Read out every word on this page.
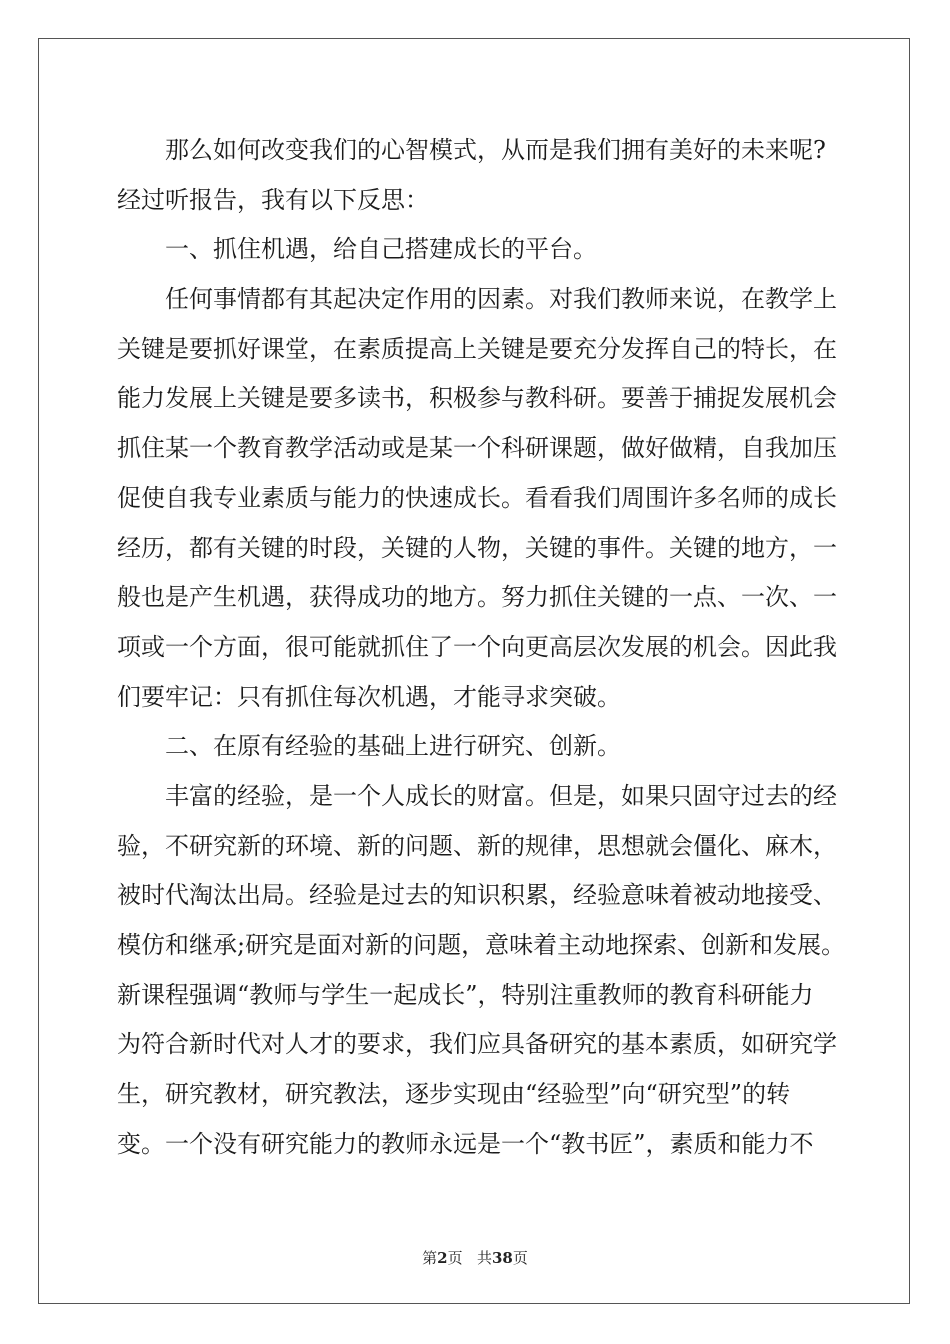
那么如何改变我们的心智模式，从而是我们拥有美好的未来呢?
经过听报告，我有以下反思：
一、抓住机遇，给自己搭建成长的平台。
任何事情都有其起决定作用的因素。对我们教师来说，在教学上
关键是要抓好课堂，在素质提高上关键是要充分发挥自己的特长，在
能力发展上关键是要多读书，积极参与教科研。要善于捕捉发展机会
抓住某一个教育教学活动或是某一个科研课题，做好做精，自我加压
促使自我专业素质与能力的快速成长。看看我们周围许多名师的成长
经历，都有关键的时段，关键的人物，关键的事件。关键的地方，一
般也是产生机遇，获得成功的地方。努力抓住关键的一点、一次、一
项或一个方面，很可能就抓住了一个向更高层次发展的机会。因此我
们要牢记：只有抓住每次机遇，才能寻求突破。
二、在原有经验的基础上进行研究、创新。
丰富的经验，是一个人成长的财富。但是，如果只固守过去的经
验，不研究新的环境、新的问题、新的规律，思想就会僵化、麻木，
被时代淘汰出局。经验是过去的知识积累，经验意味着被动地接受、
模仿和继承;研究是面对新的问题，意味着主动地探索、创新和发展。
新课程强调“教师与学生一起成长”，特别注重教师的教育科研能力
为符合新时代对人才的要求，我们应具备研究的基本素质，如研究学
生，研究教材，研究教法，逐步实现由“经验型”向“研究型”的转
变。一个没有研究能力的教师永远是一个“教书匠”，素质和能力不
第2页 共38页
